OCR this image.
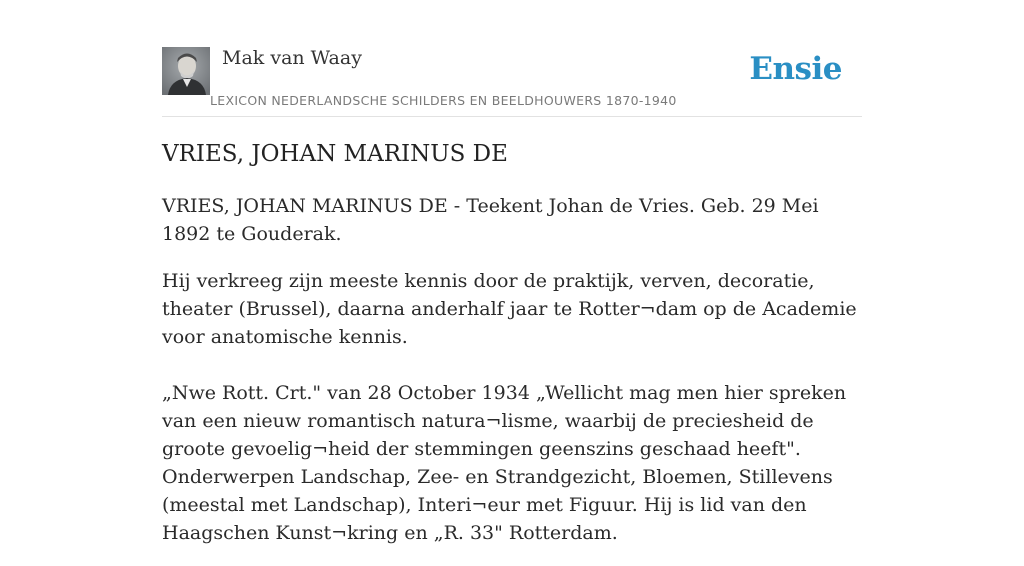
Mak van Waay
LEXICON NEDERLANDSCHE SCHILDERS EN BEELDHOUWERS 1870-1940
Ensie
VRIES, JOHAN MARINUS DE

VRIES, JOHAN MARINUS DE - Teekent Johan de Vries. Geb. 29 Mei 1892 te Gouderak.

Hij verkreeg zijn meeste kennis door de praktijk, verven, decoratie, theater (Brussel), daarna anderhalf jaar te Rotter¬dam op de Academie voor anatomische kennis.

„Nwe Rott. Crt." van 28 October 1934 „Wellicht mag men hier spreken van een nieuw romantisch natura¬lisme, waarbij de preciesheid de groote gevoelig¬heid der stemmingen geenszins geschaad heeft". Onderwerpen Landschap, Zee- en Strandgezicht, Bloemen, Stillevens (meestal met Landschap), Interi¬eur met Figuur. Hij is lid van den Haagschen Kunst¬kring en „R. 33" Rotterdam.
